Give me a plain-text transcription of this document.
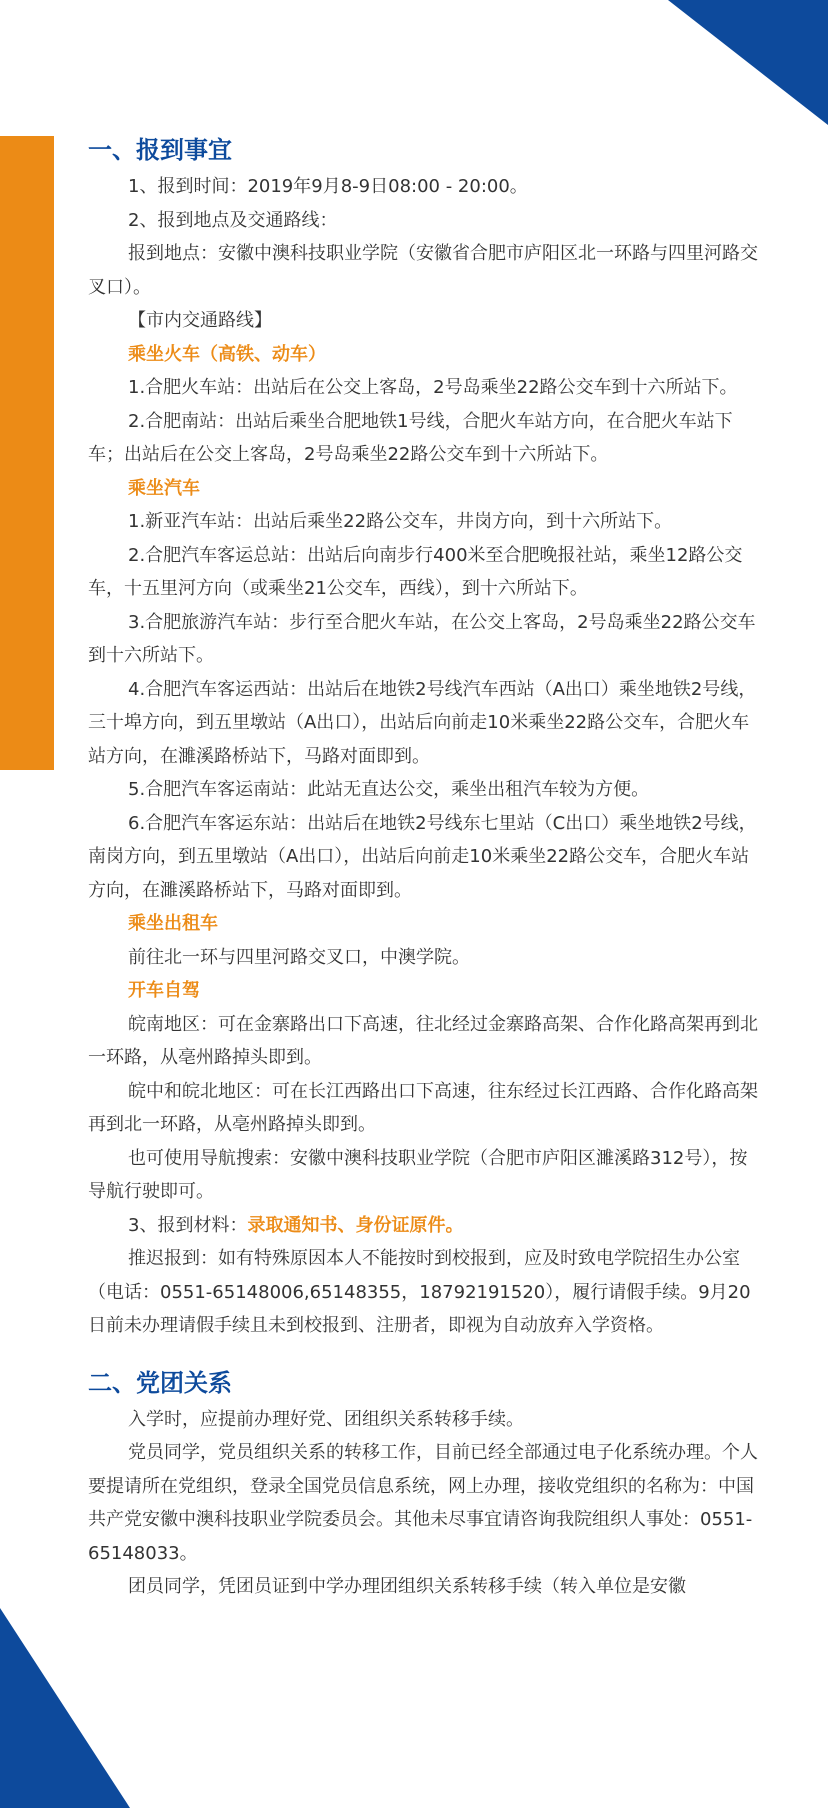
一、报到事宜

1、报到时间：2019年9月8-9日08:00 - 20:00。

2、报到地点及交通路线：

报到地点：安徽中澳科技职业学院（安徽省合肥市庐阳区北一环路与四里河路交叉口）。

【市内交通路线】

乘坐火车（高铁、动车）

1.合肥火车站：出站后在公交上客岛，2号岛乘坐22路公交车到十六所站下。

2.合肥南站：出站后乘坐合肥地铁1号线，合肥火车站方向，在合肥火车站下车；出站后在公交上客岛，2号岛乘坐22路公交车到十六所站下。

乘坐汽车

1.新亚汽车站：出站后乘坐22路公交车，井岗方向，到十六所站下。

2.合肥汽车客运总站：出站后向南步行400米至合肥晚报社站，乘坐12路公交车，十五里河方向（或乘坐21公交车，西线），到十六所站下。

3.合肥旅游汽车站：步行至合肥火车站，在公交上客岛，2号岛乘坐22路公交车到十六所站下。

4.合肥汽车客运西站：出站后在地铁2号线汽车西站（A出口）乘坐地铁2号线，三十埠方向，到五里墩站（A出口），出站后向前走10米乘坐22路公交车，合肥火车站方向，在濉溪路桥站下，马路对面即到。

5.合肥汽车客运南站：此站无直达公交，乘坐出租汽车较为方便。

6.合肥汽车客运东站：出站后在地铁2号线东七里站（C出口）乘坐地铁2号线，南岗方向，到五里墩站（A出口），出站后向前走10米乘坐22路公交车，合肥火车站方向，在濉溪路桥站下，马路对面即到。

乘坐出租车

前往北一环与四里河路交叉口，中澳学院。

开车自驾

皖南地区：可在金寨路出口下高速，往北经过金寨路高架、合作化路高架再到北一环路，从亳州路掉头即到。

皖中和皖北地区：可在长江西路出口下高速，往东经过长江西路、合作化路高架再到北一环路，从亳州路掉头即到。

也可使用导航搜索：安徽中澳科技职业学院（合肥市庐阳区濉溪路312号），按导航行驶即可。

3、报到材料：录取通知书、身份证原件。

推迟报到：如有特殊原因本人不能按时到校报到，应及时致电学院招生办公室（电话：0551-65148006,65148355，18792191520），履行请假手续。9月20日前未办理请假手续且未到校报到、注册者，即视为自动放弃入学资格。

二、党团关系

入学时，应提前办理好党、团组织关系转移手续。

党员同学，党员组织关系的转移工作，目前已经全部通过电子化系统办理。个人要提请所在党组织，登录全国党员信息系统，网上办理，接收党组织的名称为：中国共产党安徽中澳科技职业学院委员会。其他未尽事宜请咨询我院组织人事处：0551-65148033。

团员同学，凭团员证到中学办理团组织关系转移手续（转入单位是安徽
